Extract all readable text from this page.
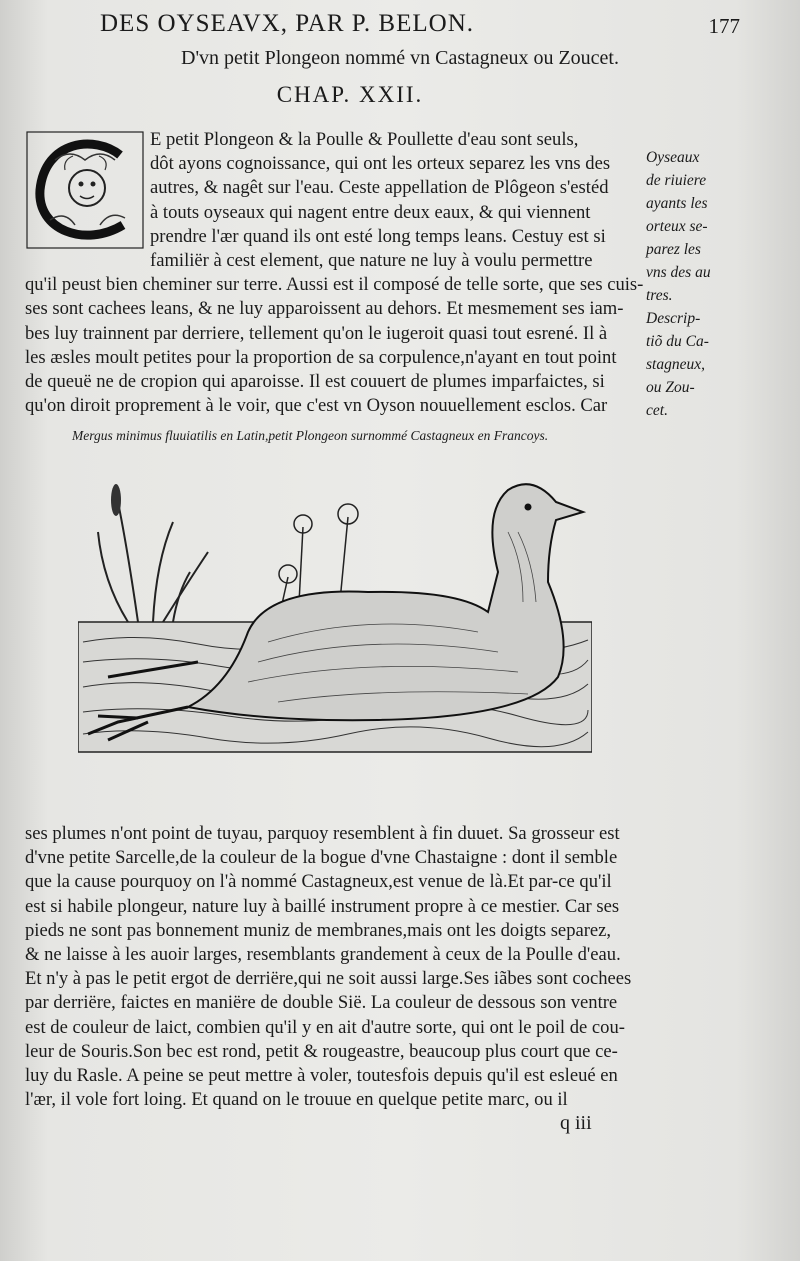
DES OYSEAVX, PAR P. BELON.	177
D'vn petit Plongeon nommé vn Castagneux ou Zoucet.
CHAP. XXII.
E petit Plongeon & la Poulle & Poullette d'eau sont seuls,
dôt ayons cognoissance, qui ont les orteux separez les vns des
autres, & nagêt sur l'eau. Ceste appellation de Plôgeon s'estéd
à touts oyseaux qui nagent entre deux eaux, & qui viennent
prendre l'ær quand ils ont esté long temps leans. Cestuy est si
familiër à cest element, que nature ne luy à voulu permettre
qu'il peust bien cheminer sur terre. Aussi est il composé de telle sorte, que ses cuis-
ses sont cachees leans, & ne luy apparoissent au dehors. Et mesmement ses iam-
bes luy trainnent par derriere, tellement qu'on le iugeroit quasi tout esrené. Il à
les æsles moult petites pour la proportion de sa corpulence,n'ayant en tout point
de queuë ne de cropion qui aparoisse. Il est couuert de plumes imparfaictes, si
qu'on diroit proprement à le voir, que c'est vn Oyson nouuellement esclos. Car
Oyseaux
de riuiere
ayants les
orteux se-
parez les
vns des au
tres.
Descrip-
tiõ du Ca-
stagneux,
ou Zou-
cet.
Mergus minimus fluuiatilis en Latin,petit Plongeon surnommé Castagneux en Francoys.
ses plumes n'ont point de tuyau, parquoy resemblent à fin duuet. Sa grosseur est
d'vne petite Sarcelle,de la couleur de la bogue d'vne Chastaigne : dont il semble
que la cause pourquoy on l'à nommé Castagneux,est venue de là.Et par-ce qu'il
est si habile plongeur, nature luy à baillé instrument propre à ce mestier. Car ses
pieds ne sont pas bonnement muniz de membranes,mais ont les doigts separez,
& ne laisse à les auoir larges, resemblants grandement à ceux de la Poulle d'eau.
Et n'y à pas le petit ergot de derriëre,qui ne soit aussi large.Ses iãbes sont cochees
par derriëre, faictes en maniëre de double Sië. La couleur de dessous son ventre
est de couleur de laict, combien qu'il y en ait d'autre sorte, qui ont le poil de cou-
leur de Souris.Son bec est rond, petit & rougeastre, beaucoup plus court que ce-
luy du Rasle. A peine se peut mettre à voler, toutesfois depuis qu'il est esleué en
l'ær, il vole fort loing. Et quand on le trouue en quelque petite marc, ou il
q iii
